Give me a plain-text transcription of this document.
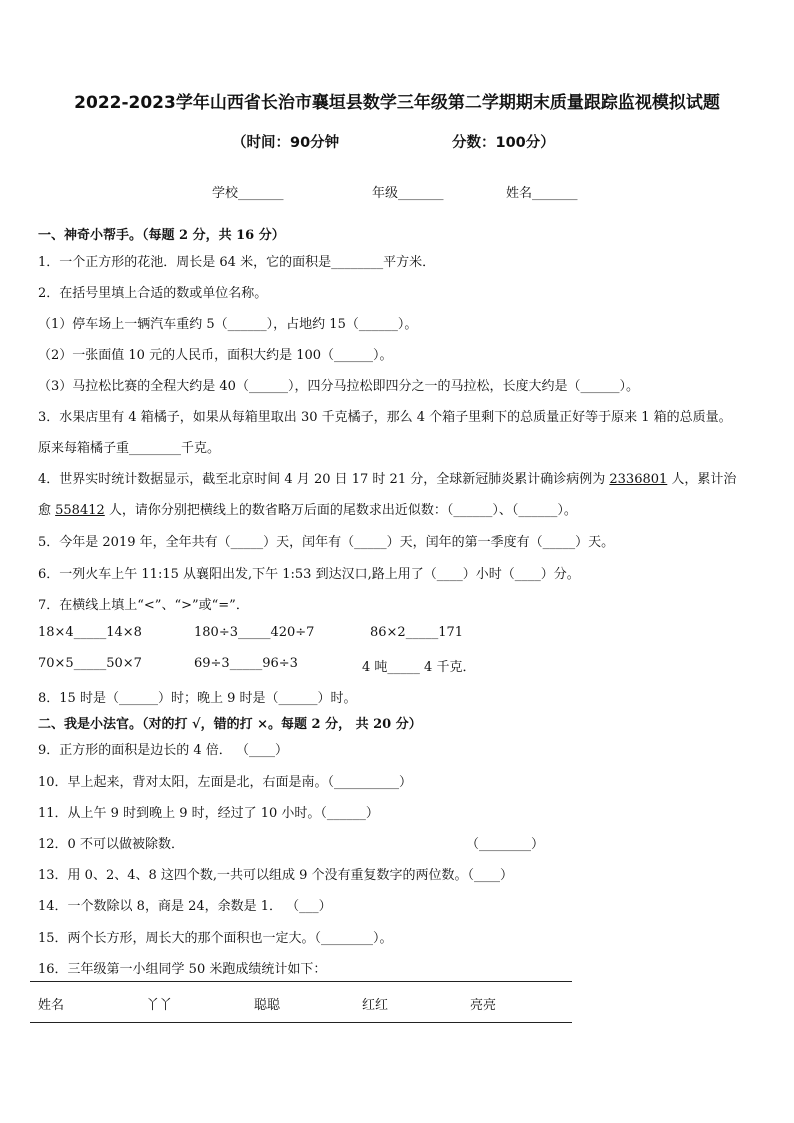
2022-2023学年山西省长治市襄垣县数学三年级第二学期期末质量跟踪监视模拟试题
（时间：90分钟	分数：100分）
学校_______	年级_______	姓名_______
一、神奇小帮手。（每题 2 分，共 16 分）
1．一个正方形的花池．周长是 64 米，它的面积是________平方米．
2．在括号里填上合适的数或单位名称。
（1）停车场上一辆汽车重约 5（______），占地约 15（______）。
（2）一张面值 10 元的人民币，面积大约是 100（______）。
（3）马拉松比赛的全程大约是 40（______），四分马拉松即四分之一的马拉松，长度大约是（______）。
3．水果店里有 4 箱橘子，如果从每箱里取出 30 千克橘子，那么 4 个箱子里剩下的总质量正好等于原来 1 箱的总质量。
原来每箱橘子重________千克。
4．世界实时统计数据显示，截至北京时间 4 月 20 日 17 时 21 分，全球新冠肺炎累计确诊病例为 2336801 人，累计治
愈 558412 人，请你分别把横线上的数省略万后面的尾数求出近似数：（______）、（______）。
5．今年是 2019 年，全年共有（_____）天，闰年有（_____）天，闰年的第一季度有（_____）天。
6．一列火车上午 11:15 从襄阳出发,下午 1:53 到达汉口,路上用了（____）小时（____）分。
7．在横线上填上“<”、“>”或“=”．
18×4_____14×8	180÷3_____420÷7	86×2_____171
70×5_____50×7	69÷3_____96÷3	4 吨_____ 4 千克．
8．15 时是（______）时；晚上 9 时是（______）时。
二、我是小法官。（对的打 √，错的打 ×。每题 2 分， 共 20 分）
9．正方形的面积是边长的 4 倍． （____）
10．早上起来，背对太阳，左面是北，右面是南。（__________）
11．从上午 9 时到晚上 9 时，经过了 10 小时。（______）
12．0 不可以做被除数．	（________）
13．用 0、2、4、8 这四个数,一共可以组成 9 个没有重复数字的两位数。（____）
14．一个数除以 8，商是 24，余数是 1． （___）
15．两个长方形，周长大的那个面积也一定大。（________）。
16．三年级第一小组同学 50 米跑成绩统计如下：
姓名	丫丫	聪聪	红红	亮亮
